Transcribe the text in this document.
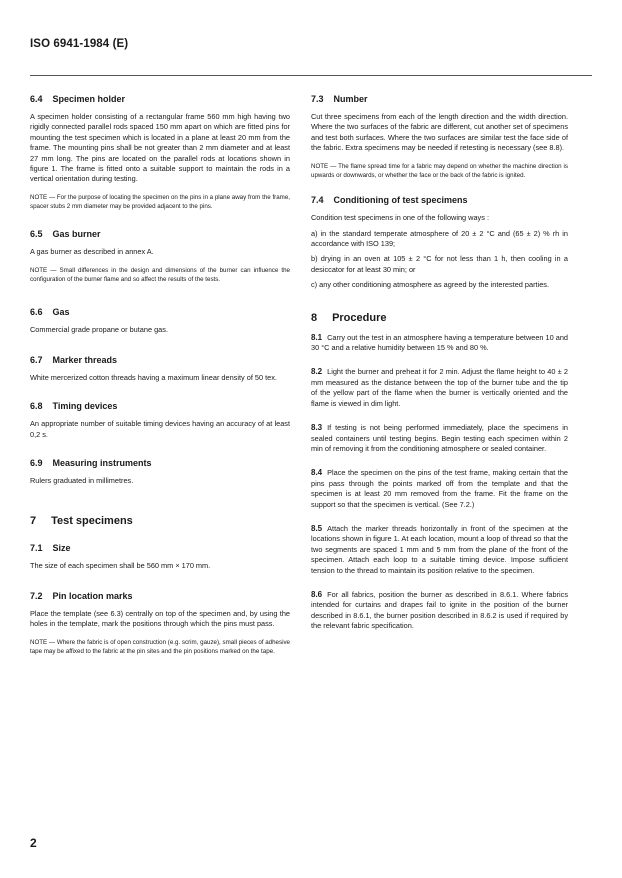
ISO 6941-1984 (E)
6.4 Specimen holder

A specimen holder consisting of a rectangular frame 560 mm high having two rigidly connected parallel rods spaced 150 mm apart on which are fitted pins for mounting the test specimen which is located in a plane at least 20 mm from the frame. The mounting pins shall be not greater than 2 mm diameter and at least 27 mm long. The pins are located on the parallel rods at locations shown in figure 1. The frame is fitted onto a suitable support to maintain the rods in a vertical orientation during testing.

NOTE — For the purpose of locating the specimen on the pins in a plane away from the frame, spacer stubs 2 mm diameter may be provided adjacent to the pins.
6.5 Gas burner

A gas burner as described in annex A.

NOTE — Small differences in the design and dimensions of the burner can influence the configuration of the burner flame and so affect the results of the tests.
6.6 Gas

Commercial grade propane or butane gas.

6.7 Marker threads

White mercerized cotton threads having a maximum linear density of 50 tex.

6.8 Timing devices

An appropriate number of suitable timing devices having an accuracy of at least 0,2 s.

6.9 Measuring instruments

Rulers graduated in millimetres.

7 Test specimens
7.1 Size

The size of each specimen shall be 560 mm × 170 mm.

7.2 Pin location marks

Place the template (see 6.3) centrally on top of the specimen and, by using the holes in the template, mark the positions through which the pins must pass.

NOTE — Where the fabric is of open construction (e.g. scrim, gauze), small pieces of adhesive tape may be affixed to the fabric at the pin sites and the pin positions marked on the tape.
7.3 Number

Cut three specimens from each of the length direction and the width direction. Where the two surfaces of the fabric are different, cut another set of specimens and test both surfaces. Where the two surfaces are similar test the face side of the fabric. Extra specimens may be needed if retesting is necessary (see 8.8).

NOTE — The flame spread time for a fabric may depend on whether the machine direction is upwards or downwards, or whether the face or the back of the fabric is ignited.
7.4 Conditioning of test specimens

Condition test specimens in one of the following ways :

a) in the standard temperate atmosphere of 20 ± 2 °C and (65 ± 2) % rh in accordance with ISO 139;

b) drying in an oven at 105 ± 2 °C for not less than 1 h, then cooling in a desiccator for at least 30 min; or

c) any other conditioning atmosphere as agreed by the interested parties.

8 Procedure

8.1 Carry out the test in an atmosphere having a temperature between 10 and 30 °C and a relative humidity between 15 % and 80 %.

8.2 Light the burner and preheat it for 2 min. Adjust the flame height to 40 ± 2 mm measured as the distance between the top of the burner tube and the tip of the yellow part of the flame when the burner is vertically oriented and the flame is viewed in dim light.

8.3 If testing is not being performed immediately, place the specimens in sealed containers until testing begins. Begin testing each specimen within 2 min of removing it from the conditioning atmosphere or sealed container.

8.4 Place the specimen on the pins of the test frame, making certain that the pins pass through the points marked off from the template and that the specimen is at least 20 mm removed from the frame. Fit the frame on the support so that the specimen is vertical. (See 7.2.)

8.5 Attach the marker threads horizontally in front of the specimen at the locations shown in figure 1. At each location, mount a loop of thread so that the two segments are spaced 1 mm and 5 mm from the plane of the front of the specimen. Attach each loop to a suitable timing device. Impose sufficient tension to the thread to maintain its position relative to the specimen.

8.6 For all fabrics, position the burner as described in 8.6.1. Where fabrics intended for curtains and drapes fail to ignite in the position of the burner described in 8.6.1, the burner position described in 8.6.2 is used if required by the relevant fabric specification.

2
